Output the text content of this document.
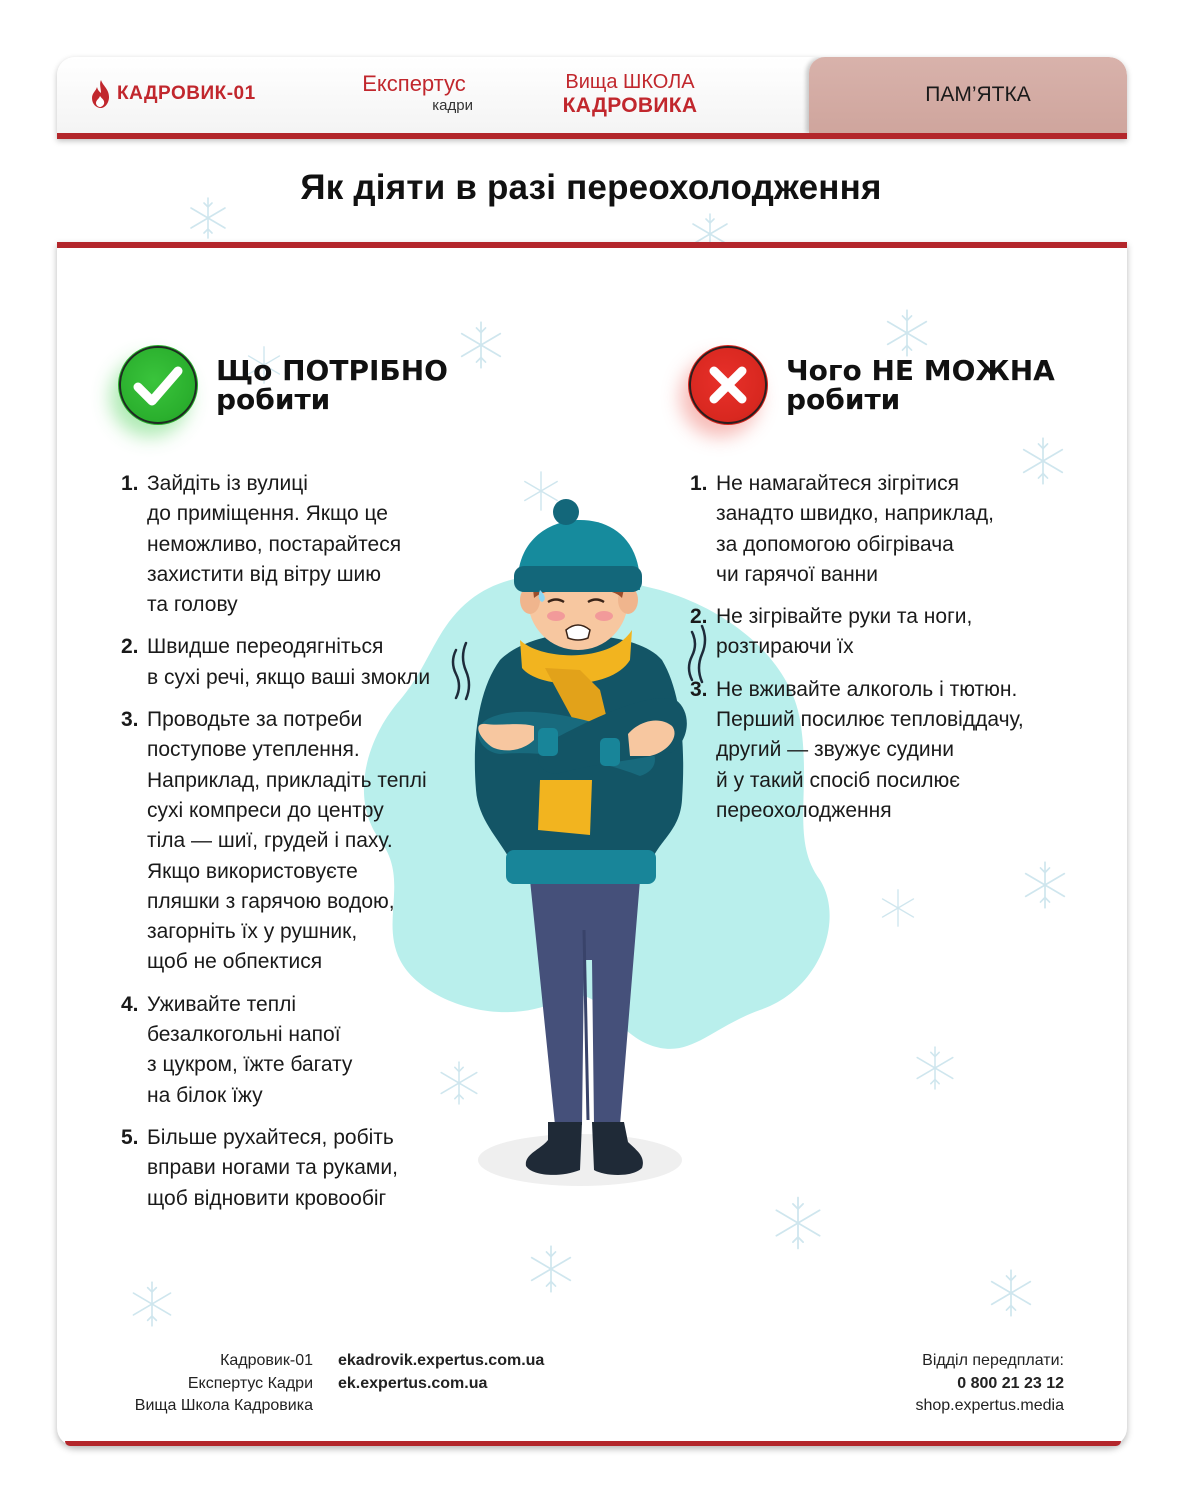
КАДРОВИК-01	Експертус
кадри
Вища ШКОЛА
КАДРОВИКА	ПАМ’ЯТКА
Як діяти в разі переохолодження
Що ПОТРІБНО
робити
1. Зайдіть із вулиці
до приміщення. Якщо це
неможливо, постарайтеся
захистити від вітру шию
та голову
2. Швидше переодягніться
в сухі речі, якщо ваші змокли
3. Проводьте за потреби
поступове утеплення.
Наприклад, прикладіть теплі
сухі компреси до центру
тіла — шиї, грудей і паху.
Якщо використовуєте
пляшки з гарячою водою,
загорніть їх у рушник,
щоб не обпектися
4. Уживайте теплі
безалкогольні напої
з цукром, їжте багату
на білок їжу
5. Більше рухайтеся, робіть
вправи ногами та руками,
щоб відновити кровообіг
Чого НЕ МОЖНА
робити
1. Не намагайтеся зігрітися
занадто швидко, наприклад,
за допомогою обігрівача
чи гарячої ванни
2. Не зігрівайте руки та ноги,
розтираючи їх
3. Не вживайте алкоголь і тютюн.
Перший посилює тепловіддачу,
другий — звужує судини
й у такий спосіб посилює
переохолодження
Кадровик-01
Експертус Кадри
Вища Школа Кадровика
ekadrovik.expertus.com.ua
ek.expertus.com.ua
Відділ передплати:
0 800 21 23 12
shop.expertus.media
